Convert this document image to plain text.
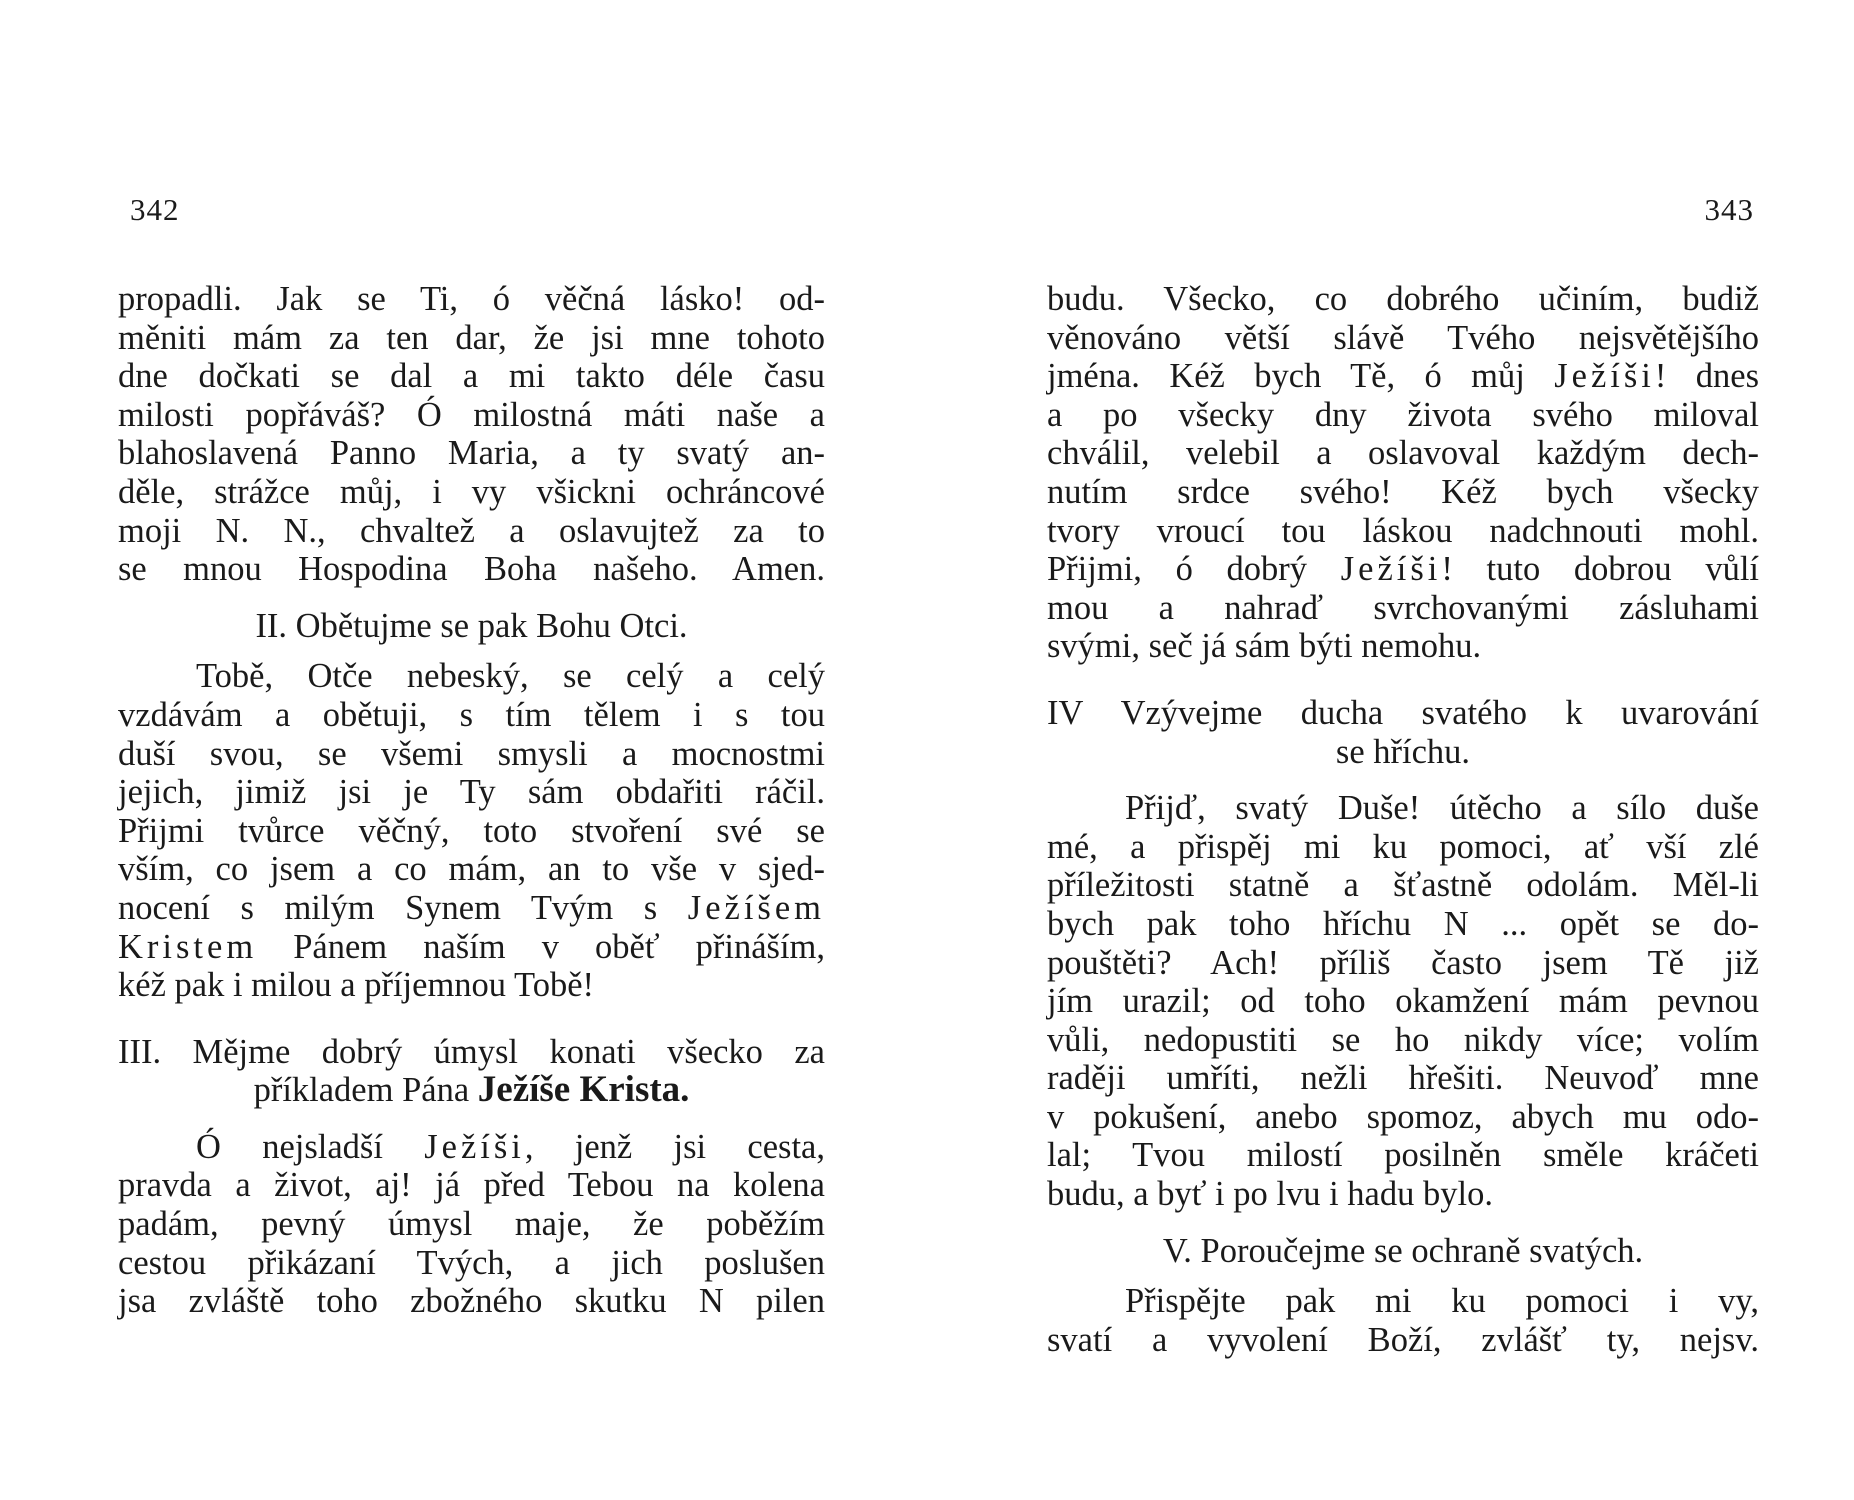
342

propadli. Jak se Ti, ó věčná lásko! od-

měniti mám za ten dar, že jsi mne tohoto

dne dočkati se dal a mi takto déle času

milosti popřáváš? Ó milostná máti naše a

blahoslavená Panno Maria, a ty svatý an-

děle, strážce můj, i vy všickni ochráncové

moji N. N., chvaltež a oslavujtež za to

se mnou Hospodina Boha našeho. Amen.

II. Obětujme se pak Bohu Otci.

Tobě, Otče nebeský, se celý a celý

vzdávám a obětuji, s tím tělem i s tou

duší svou, se všemi smysli a mocnostmi

jejich, jimiž jsi je Ty sám obdařiti ráčil.

Přijmi tvůrce věčný, toto stvoření své se

vším, co jsem a co mám, an to vše v sjed-

nocení s milým Synem Tvým s Ježíšem

Kristem Pánem naším v oběť přináším,

kéž pak i milou a příjemnou Tobě!

III. Mějme dobrý úmysl konati všecko za

příkladem Pána Ježíše Krista.

Ó nejsladší Ježíši, jenž jsi cesta,

pravda a život, aj! já před Tebou na kolena

padám, pevný úmysl maje, že poběžím

cestou přikázaní Tvých, a jich poslušen

jsa zvláště toho zbožného skutku N pilen

343

budu. Všecko, co dobrého učiním, budiž

věnováno větší slávě Tvého nejsvětějšího

jména. Kéž bych Tě, ó můj Ježíši! dnes

a po všecky dny života svého miloval

chválil, velebil a oslavoval každým dech-

nutím srdce svého! Kéž bych všecky

tvory vroucí tou láskou nadchnouti mohl.

Přijmi, ó dobrý Ježíši! tuto dobrou vůlí

mou a nahraď svrchovanými zásluhami

svými, seč já sám býti nemohu.

IV Vzývejme ducha svatého k uvarování

se hříchu.

Přijď, svatý Duše! útěcho a sílo duše

mé, a přispěj mi ku pomoci, ať vší zlé

příležitosti statně a šťastně odolám. Měl-li

bych pak toho hříchu N ... opět se do-

pouštěti? Ach! příliš často jsem Tě již

jím urazil; od toho okamžení mám pevnou

vůli, nedopustiti se ho nikdy více; volím

raději umříti, nežli hřešiti. Neuvoď mne

v pokušení, anebo spomoz, abych mu odo-

lal; Tvou milostí posilněn směle kráčeti

budu, a byť i po lvu i hadu bylo.

V. Poroučejme se ochraně svatých.

Přispějte pak mi ku pomoci i vy,

svatí a vyvolení Boží, zvlášť ty, nejsv.
